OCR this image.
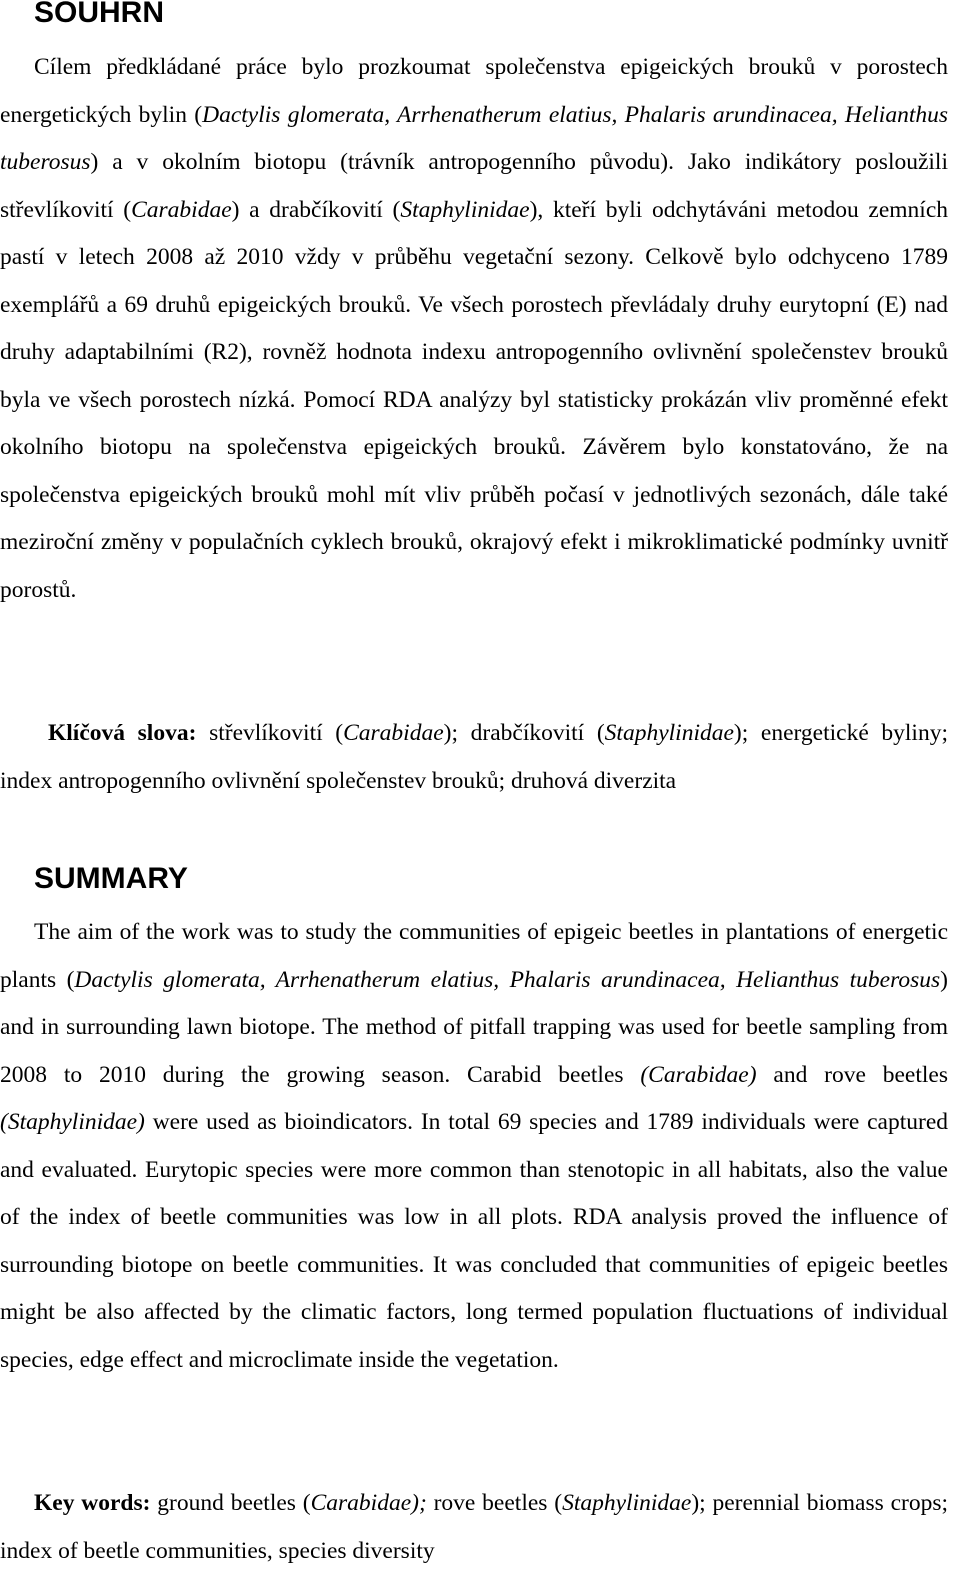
SOUHRN

Cílem předkládané práce bylo prozkoumat společenstva epigeických brouků v porostech energetických bylin (Dactylis glomerata, Arrhenatherum elatius, Phalaris arundinacea, Helianthus tuberosus) a v okolním biotopu (trávník antropogenního původu). Jako indikátory posloužili střevlíkovití (Carabidae) a drabčíkovití (Staphylinidae), kteří byli odchytáváni metodou zemních pastí v letech 2008 až 2010 vždy v průběhu vegetační sezony. Celkově bylo odchyceno 1789 exemplářů a 69 druhů epigeických brouků. Ve všech porostech převládaly druhy eurytopní (E) nad druhy adaptabilními (R2), rovněž hodnota indexu antropogenního ovlivnění společenstev brouků byla ve všech porostech nízká. Pomocí RDA analýzy byl statisticky prokázán vliv proměnné efekt okolního biotopu na společenstva epigeických brouků. Závěrem bylo konstatováno, že na společenstva epigeických brouků mohl mít vliv průběh počasí v jednotlivých sezonách, dále také meziroční změny v populačních cyklech brouků, okrajový efekt i mikroklimatické podmínky uvnitř porostů.

Klíčová slova: střevlíkovití (Carabidae); drabčíkovití (Staphylinidae); energetické byliny; index antropogenního ovlivnění společenstev brouků; druhová diverzita

SUMMARY

The aim of the work was to study the communities of epigeic beetles in plantations of energetic plants (Dactylis glomerata, Arrhenatherum elatius, Phalaris arundinacea, Helianthus tuberosus) and in surrounding lawn biotope. The method of pitfall trapping was used for beetle sampling from 2008 to 2010 during the growing season. Carabid beetles (Carabidae) and rove beetles (Staphylinidae) were used as bioindicators. In total 69 species and 1789 individuals were captured and evaluated. Eurytopic species were more common than stenotopic in all habitats, also the value of the index of beetle communities was low in all plots. RDA analysis proved the influence of surrounding biotope on beetle communities. It was concluded that communities of epigeic beetles might be also affected by the climatic factors, long termed population fluctuations of individual species, edge effect and microclimate inside the vegetation.

Key words: ground beetles (Carabidae); rove beetles (Staphylinidae); perennial biomass crops; index of beetle communities, species diversity
